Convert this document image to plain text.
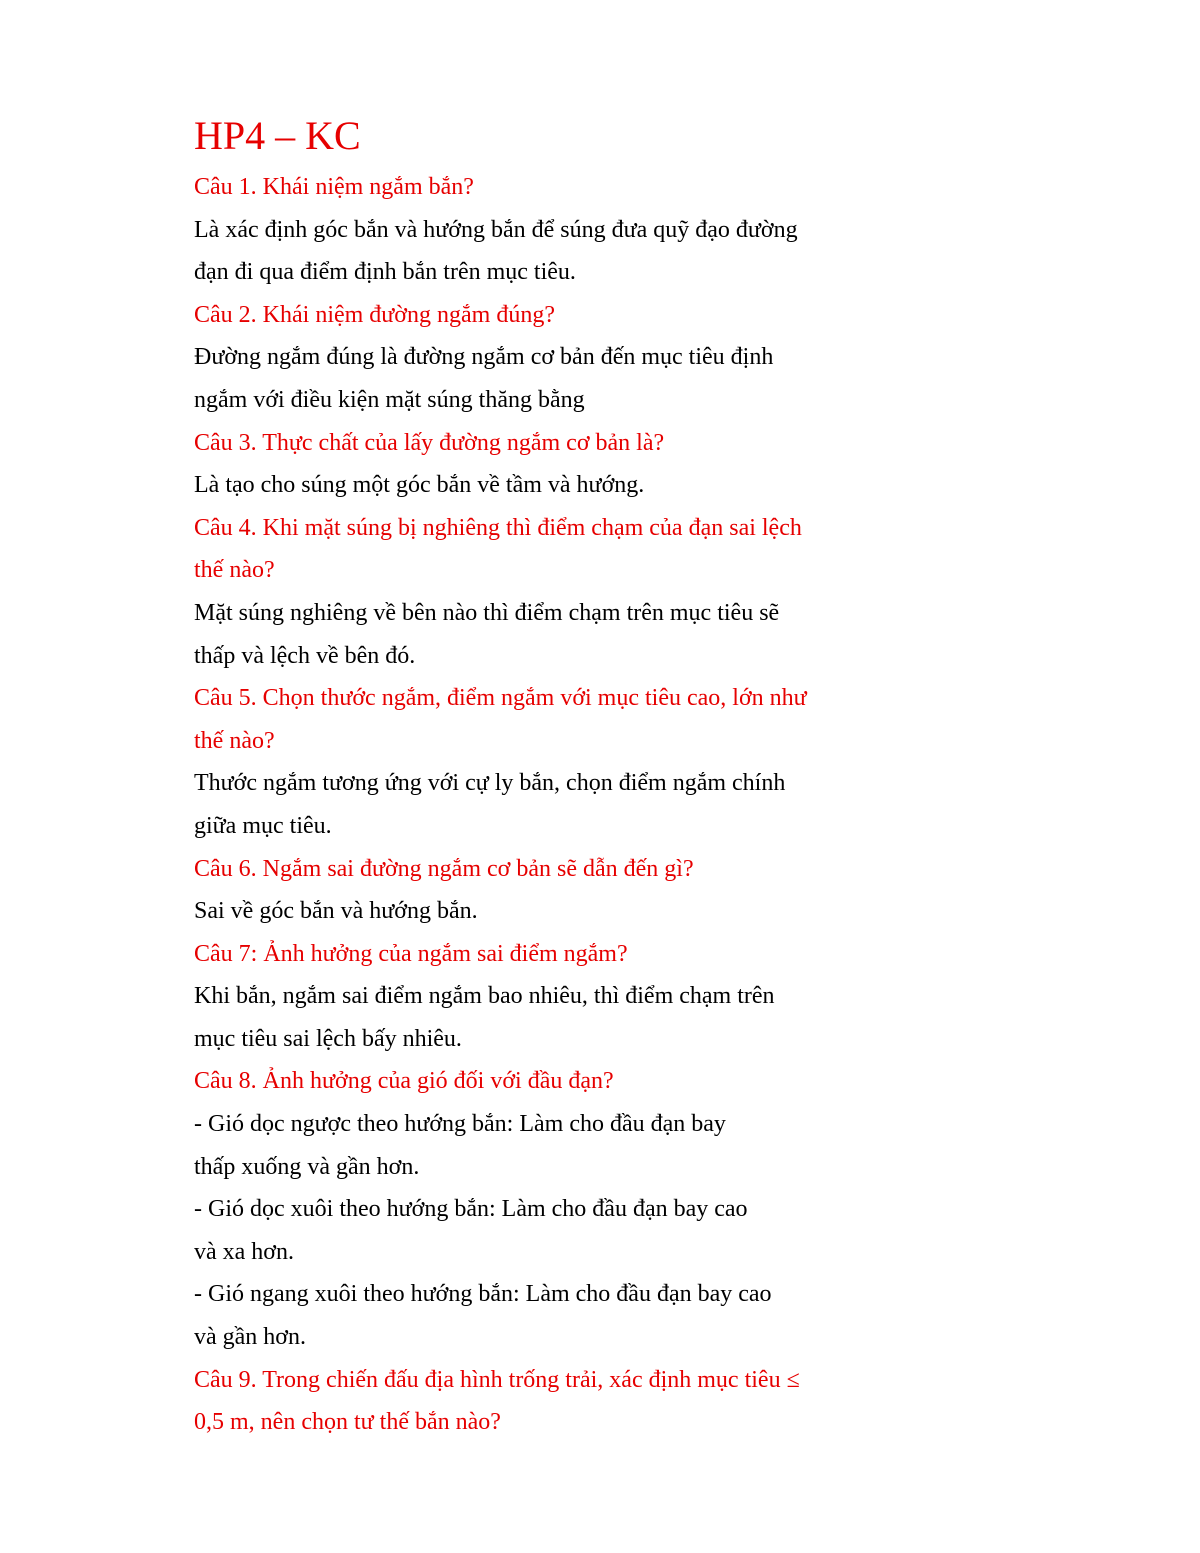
HP4 – KC
Câu 1. Khái niệm ngắm bắn?
Là xác định góc bắn và hướng bắn để súng đưa quỹ đạo đường
đạn đi qua điểm định bắn trên mục tiêu.
Câu 2. Khái niệm đường ngắm đúng?
Đường ngắm đúng là đường ngắm cơ bản đến mục tiêu định
ngắm với điều kiện mặt súng thăng bằng
Câu 3. Thực chất của lấy đường ngắm cơ bản là?
Là tạo cho súng một góc bắn về tầm và hướng.
Câu 4. Khi mặt súng bị nghiêng thì điểm chạm của đạn sai lệch
thế nào?
Mặt súng nghiêng về bên nào thì điểm chạm trên mục tiêu sẽ
thấp và lệch về bên đó.
Câu 5. Chọn thước ngắm, điểm ngắm với mục tiêu cao, lớn như
thế nào?
Thước ngắm tương ứng với cự ly bắn, chọn điểm ngắm chính
giữa mục tiêu.
Câu 6. Ngắm sai đường ngắm cơ bản sẽ dẫn đến gì?
Sai về góc bắn và hướng bắn.
Câu 7: Ảnh hưởng của ngắm sai điểm ngắm?
Khi bắn, ngắm sai điểm ngắm bao nhiêu, thì điểm chạm trên
mục tiêu sai lệch bấy nhiêu.
Câu 8. Ảnh hưởng của gió đối với đầu đạn?
- Gió dọc ngược theo hướng bắn: Làm cho đầu đạn bay
thấp xuống và gần hơn.
- Gió dọc xuôi theo hướng bắn: Làm cho đầu đạn bay cao
và xa hơn.
- Gió ngang xuôi theo hướng bắn: Làm cho đầu đạn bay cao
và gần hơn.
Câu 9. Trong chiến đấu địa hình trống trải, xác định mục tiêu ≤
0,5 m, nên chọn tư thế bắn nào?
